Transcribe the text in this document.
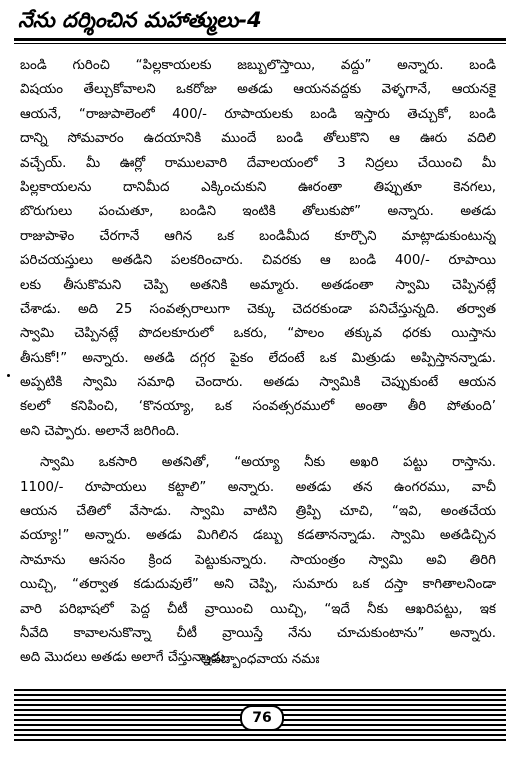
నేను దర్శించిన మహాత్ములు-4

బండి గురించి “పిల్లకాయలకు జబ్బులొస్తాయి, వద్దు” అన్నారు. బండి

విషయం తేల్చుకోవాలని ఒకరోజు అతడు ఆయనవద్దకు వెళ్ళగానే, ఆయనకై

ఆయనే, “రాజుపాలెంలో 400/- రూపాయలకు బండి ఇస్తారు తెచ్చుకో, బండి

దాన్ని సోమవారం ఉదయానికి ముందే బండి తోలుకొని ఆ ఊరు వదిలి

వచ్చేయ్. మీ ఊర్లో రాములవారి దేవాలయంలో 3 నిద్రలు చేయించి మీ

పిల్లకాయలను దానిమీద ఎక్కించుకుని ఊరంతా తిప్పుతూ కెనగలు,

బొరుగులు పంచుతూ, బండిని ఇంటికి తోలుకుపో” అన్నారు. అతడు

రాజుపాళెం చేరగానే ఆగిన ఒక బండిమీద కూర్చొని మాట్లాడుకుంటున్న

పరిచయస్తులు అతడిని పలకరించారు. చివరకు ఆ బండి 400/- రూపాయి

లకు తీసుకొమని చెప్పి అతనికి అమ్మారు. అతడంతా స్వామి చెప్పినట్లే

చేశాడు. అది 25 సంవత్సరాలుగా చెక్కు చెదరకుండా పనిచేస్తున్నది. తర్వాత

స్వామి చెప్పినట్లే పొదలకూరులో ఒకరు, “పొలం తక్కువ ధరకు యిస్తాను

తీసుకో!” అన్నారు. అతడి దగ్గర పైకం లేదంటే ఒక మిత్రుడు అప్పిస్తానన్నాడు.

అప్పటికి స్వామి సమాధి చెందారు. అతడు స్వామికి చెప్పుకుంటే ఆయన

కలలో కనిపించి, ‘కొనయ్యా, ఒక సంవత్సరములో అంతా తీరి పోతుంది’

అని చెప్పారు. అలానే జరిగింది.

స్వామి ఒకసారి అతనితో, “అయ్యా నీకు అఖరి పట్టు రాస్తాను.

1100/- రూపాయలు కట్టాలి” అన్నారు. అతడు తన ఉంగరము, వాచీ

ఆయన చేతిలో వేసాడు. స్వామి వాటిని త్రిప్పి చూచి, “ఇవి, అంతచేయ

వయ్యా!” అన్నారు. అతడు మిగిలిన డబ్బు కడతానన్నాడు. స్వామి అతడిచ్చిన

సామాను ఆసనం క్రింద పెట్టుకున్నారు. సాయంత్రం స్వామి అవి తిరిగి

యిచ్చి, “తర్వాత కడుదువులే” అని చెప్పి, సుమారు ఒక దస్తా కాగితాలనిండా

వారి పరిభాషలో పెద్ద చీటీ వ్రాయించి యిచ్చి, “ఇదే నీకు ఆఖరిపట్టు, ఇక

నీవేది కావాలనుకొన్నా చీటీ వ్రాయిస్తే నేను చూచుకుంటాను” అన్నారు.

అది మొదలు అతడు అలాగే చేస్తున్నాడు.

ఆపద్బాంధవాయ నమః
76
